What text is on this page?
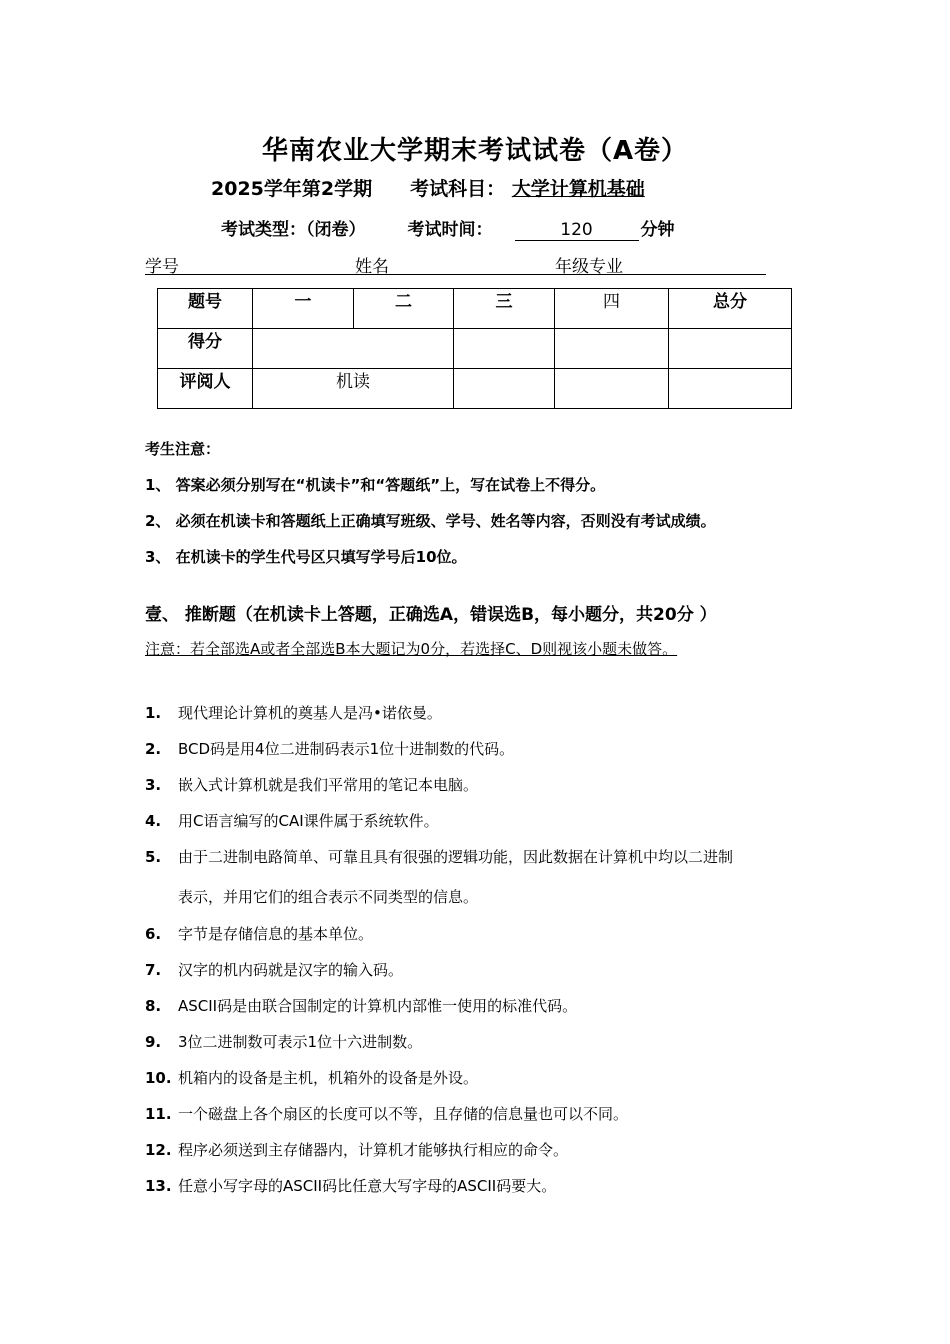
华南农业大学期末考试试卷（A卷）
2025学年第2学期 考试科目： 大学计算机基础
考试类型：（闭卷） 考试时间：	120	分钟
学号	姓名	年级专业
题号	一	二	三	四	总分
得分					
评阅人	机读				
考生注意：
1、 答案必须分别写在“机读卡”和“答题纸”上，写在试卷上不得分。
2、 必须在机读卡和答题纸上正确填写班级、学号、姓名等内容，否则没有考试成绩。
3、 在机读卡的学生代号区只填写学号后10位。
壹、 推断题（在机读卡上答题，正确选A，错误选B，每小题分，共20分 ）
注意：若全部选A或者全部选B本大题记为0分，若选择C、D则视该小题未做答。
1. 现代理论计算机的奠基人是冯•诺依曼。
2. BCD码是用4位二进制码表示1位十进制数的代码。
3. 嵌入式计算机就是我们平常用的笔记本电脑。
4. 用C语言编写的CAI课件属于系统软件。
5. 由于二进制电路简单、可靠且具有很强的逻辑功能，因此数据在计算机中均以二进制
表示，并用它们的组合表示不同类型的信息。
6. 字节是存储信息的基本单位。
7. 汉字的机内码就是汉字的输入码。
8. ASCII码是由联合国制定的计算机内部惟一使用的标准代码。
9. 3位二进制数可表示1位十六进制数。
10. 机箱内的设备是主机，机箱外的设备是外设。
11. 一个磁盘上各个扇区的长度可以不等，且存储的信息量也可以不同。
12. 程序必须送到主存储器内，计算机才能够执行相应的命令。
13. 任意小写字母的ASCII码比任意大写字母的ASCII码要大。
